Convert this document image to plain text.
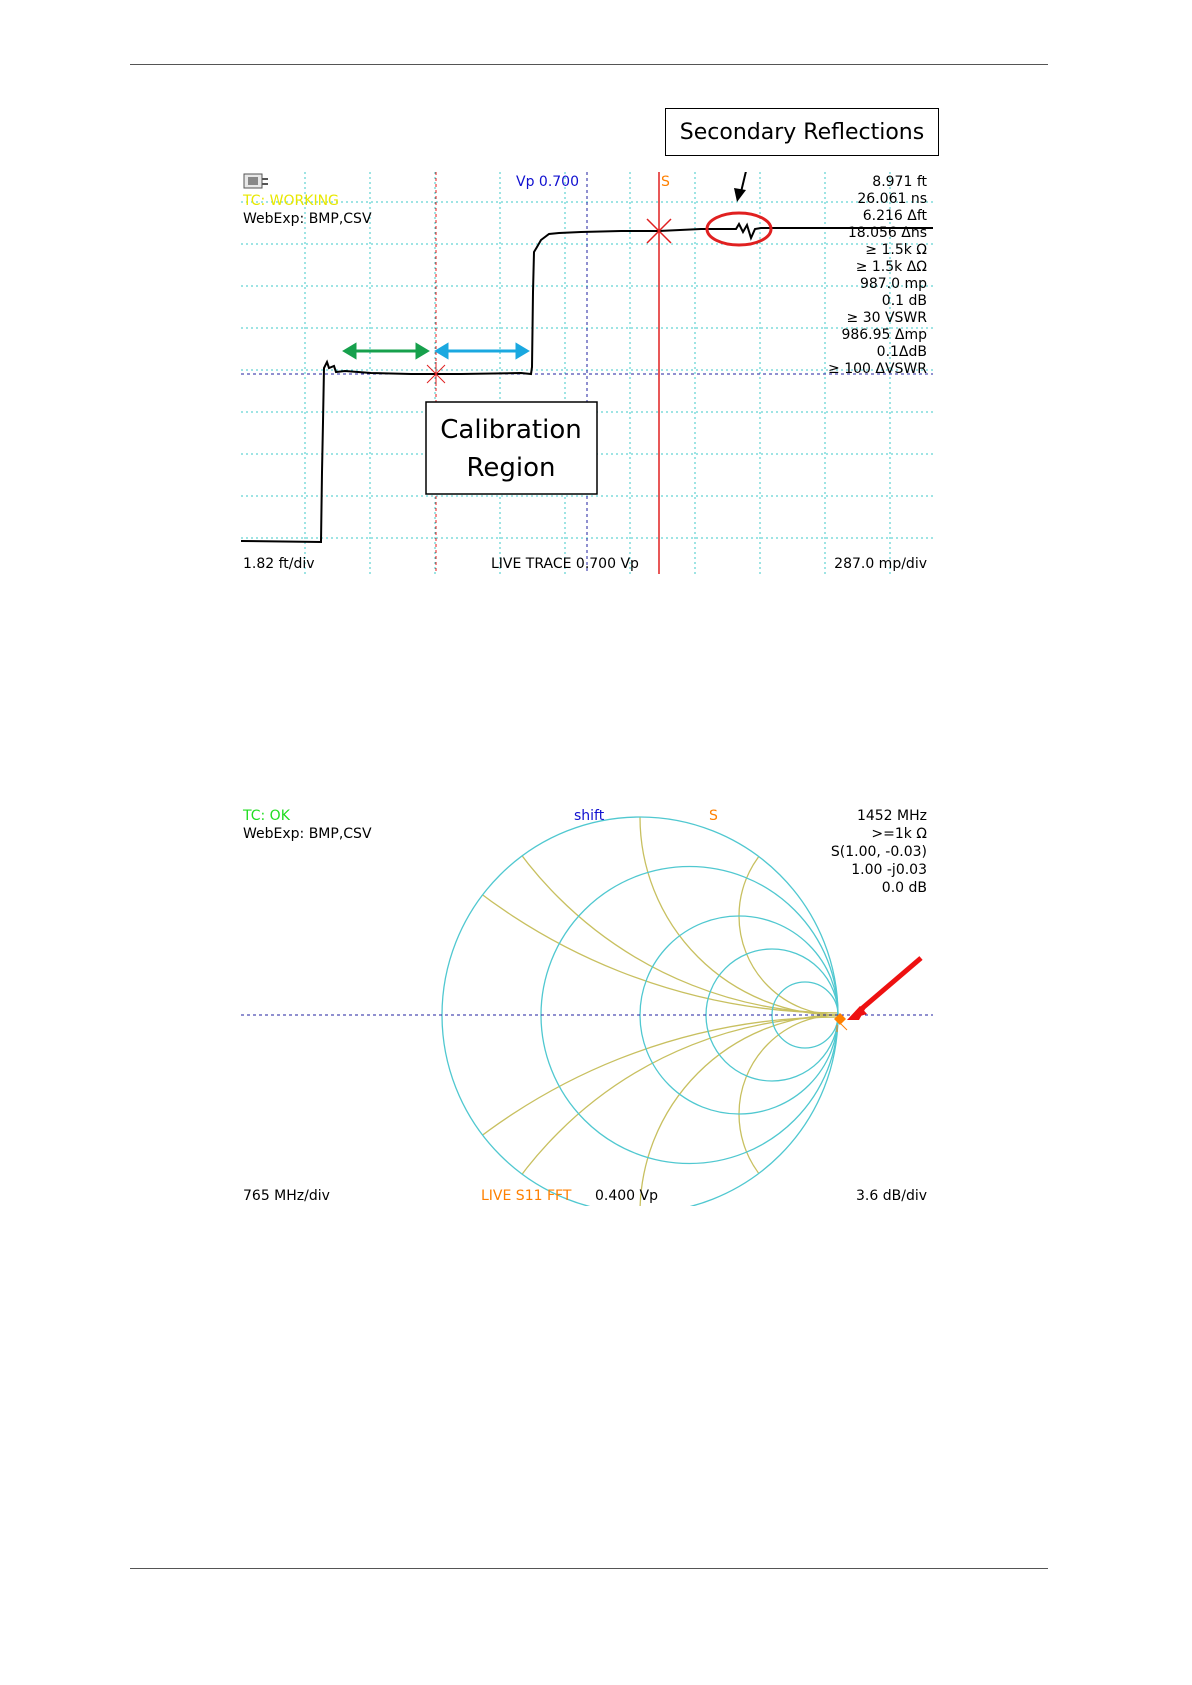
Calibration
Region
TC: WORKING
WebExp: BMP,CSV
Vp 0.700	S	8.971 ft
26.061 ns
6.216 Δft
18.056 Δns
≥ 1.5k Ω
≥ 1.5k ΔΩ
987.0 mp
0.1 dB
≥ 30 VSWR
986.95 Δmp
0.1ΔdB
≥ 100 ΔVSWR
1.82 ft/div	LIVE TRACE 0.700 Vp	287.0 mp/div
Secondary Reflections
TC: OK
WebExp: BMP,CSV
shift	S	1452 MHz
>=1k Ω
S(1.00, -0.03)
1.00 -j0.03
0.0 dB
765 MHz/div	LIVE S11 FFT 0.400 Vp	3.6 dB/div
